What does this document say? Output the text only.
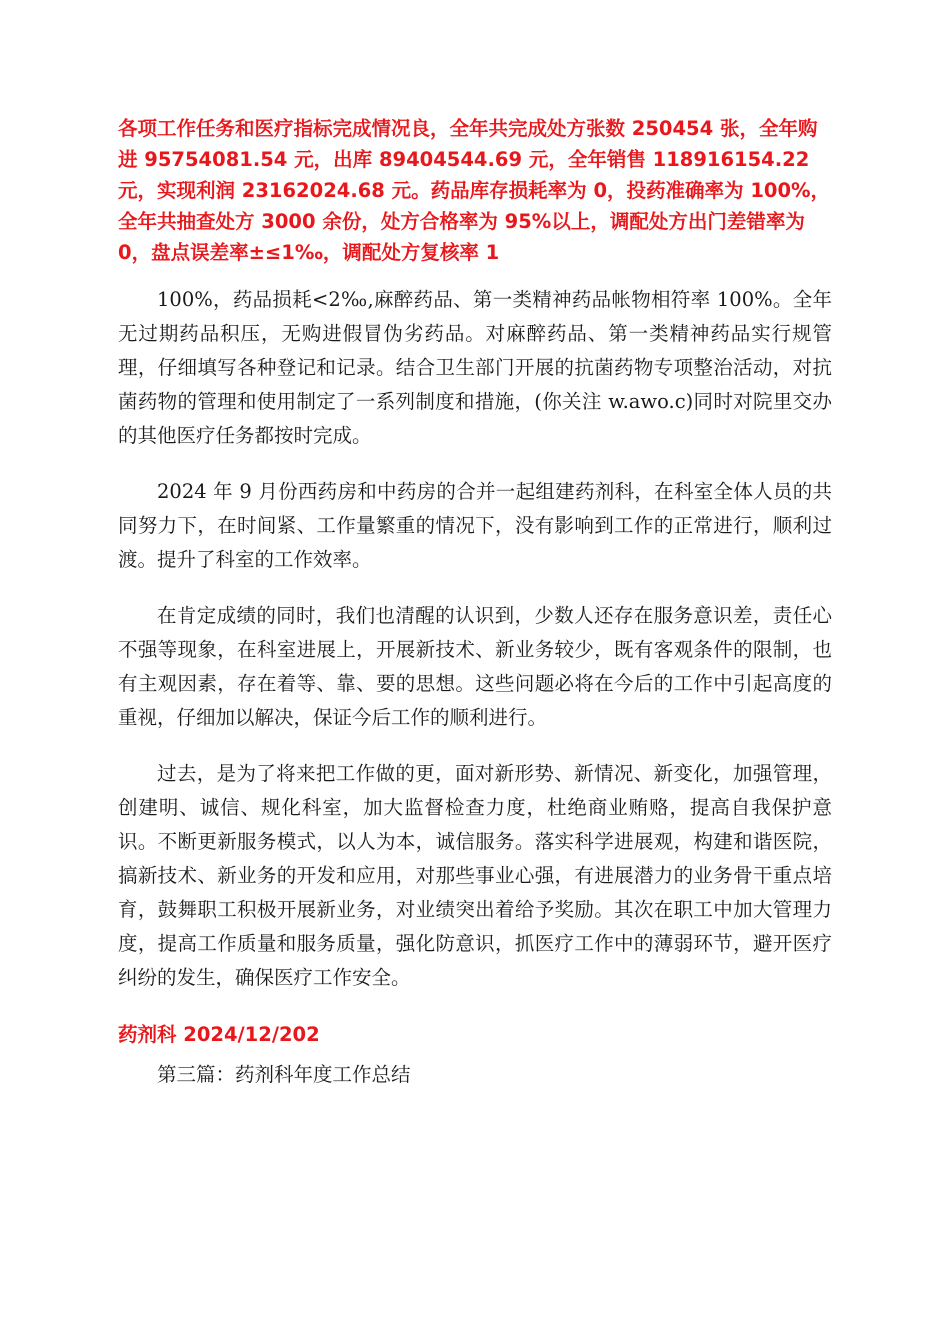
各项工作任务和医疗指标完成情况良，全年共完成处方张数 250454 张，全年购进 95754081.54 元，出库 89404544.69 元，全年销售 118916154.22 元，实现利润 23162024.68 元。药品库存损耗率为 0，投药准确率为 100%，全年共抽查处方 3000 余份，处方合格率为 95%以上，调配处方出门差错率为 0，盘点误差率±≤1‰，调配处方复核率 1

100%，药品损耗<2‰,麻醉药品、第一类精神药品帐物相符率 100%。全年无过期药品积压，无购进假冒伪劣药品。对麻醉药品、第一类精神药品实行规管理，仔细填写各种登记和记录。结合卫生部门开展的抗菌药物专项整治活动，对抗菌药物的管理和使用制定了一系列制度和措施，(你关注 w.awo.c)同时对院里交办的其他医疗任务都按时完成。

2024 年 9 月份西药房和中药房的合并一起组建药剂科，在科室全体人员的共同努力下，在时间紧、工作量繁重的情况下，没有影响到工作的正常进行，顺利过渡。提升了科室的工作效率。

在肯定成绩的同时，我们也清醒的认识到，少数人还存在服务意识差，责任心不强等现象，在科室进展上，开展新技术、新业务较少，既有客观条件的限制，也有主观因素，存在着等、靠、要的思想。这些问题必将在今后的工作中引起高度的重视，仔细加以解决，保证今后工作的顺利进行。

过去，是为了将来把工作做的更，面对新形势、新情况、新变化，加强管理，创建明、诚信、规化科室，加大监督检查力度，杜绝商业贿赂，提高自我保护意识。不断更新服务模式，以人为本，诚信服务。落实科学进展观，构建和谐医院，搞新技术、新业务的开发和应用，对那些事业心强，有进展潜力的业务骨干重点培育，鼓舞职工积极开展新业务，对业绩突出着给予奖励。其次在职工中加大管理力度，提高工作质量和服务质量，强化防意识，抓医疗工作中的薄弱环节，避开医疗纠纷的发生，确保医疗工作安全。

药剂科 2024/12/202

第三篇：药剂科年度工作总结
